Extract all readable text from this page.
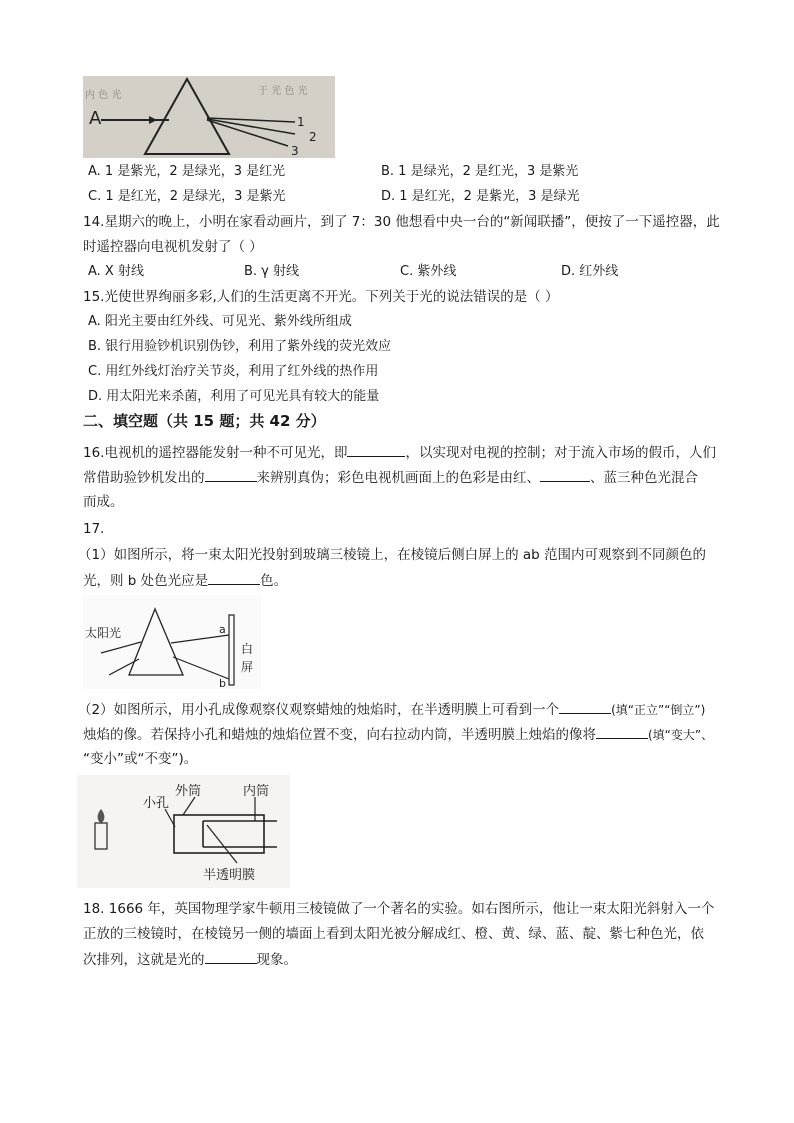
内 色 光	于 光 色 光
A	1
2
3
A. 1 是紫光，2 是绿光，3 是红光	B. 1 是绿光，2 是红光，3 是紫光
C. 1 是红光，2 是绿光，3 是紫光	D. 1 是红光，2 是紫光，3 是绿光
14.星期六的晚上，小明在家看动画片，到了 7：30 他想看中央一台的“新闻联播”，便按了一下遥控器，此
时遥控器向电视机发射了（ ）
A. X 射线	B. γ 射线	C. 紫外线	D. 红外线
15.光使世界绚丽多彩,人们的生活更离不开光。下列关于光的说法错误的是（ ）
A. 阳光主要由红外线、可见光、紫外线所组成
B. 银行用验钞机识别伪钞，利用了紫外线的荧光效应
C. 用红外线灯治疗关节炎，利用了红外线的热作用
D. 用太阳光来杀菌，利用了可见光具有较大的能量
二、填空题（共 15 题；共 42 分）
16.电视机的遥控器能发射一种不可见光，即	，以实现对电视的控制；对于流入市场的假币，人们
常借助验钞机发出的	来辨别真伪；彩色电视机画面上的色彩是由红、	、蓝三种色光混合
而成。
17.
（1）如图所示，将一束太阳光投射到玻璃三棱镜上，在棱镜后侧白屏上的 ab 范围内可观察到不同颜色的
光，则 b 处色光应是	色。
太阳光	a
b
白
屏
（2）如图所示，用小孔成像观察仪观察蜡烛的烛焰时，在半透明膜上可看到一个	(填“正立”“倒立”)
烛焰的像。若保持小孔和蜡烛的烛焰位置不变，向右拉动内筒，半透明膜上烛焰的像将	(填“变大”、
“变小”或“不变”)。
外筒	内筒
小孔
半透明膜
18. 1666 年，英国物理学家牛顿用三棱镜做了一个著名的实验。如右图所示，他让一束太阳光斜射入一个
正放的三棱镜时，在棱镜另一侧的墙面上看到太阳光被分解成红、橙、黄、绿、蓝、靛、紫七种色光，依
次排列，这就是光的	现象。
